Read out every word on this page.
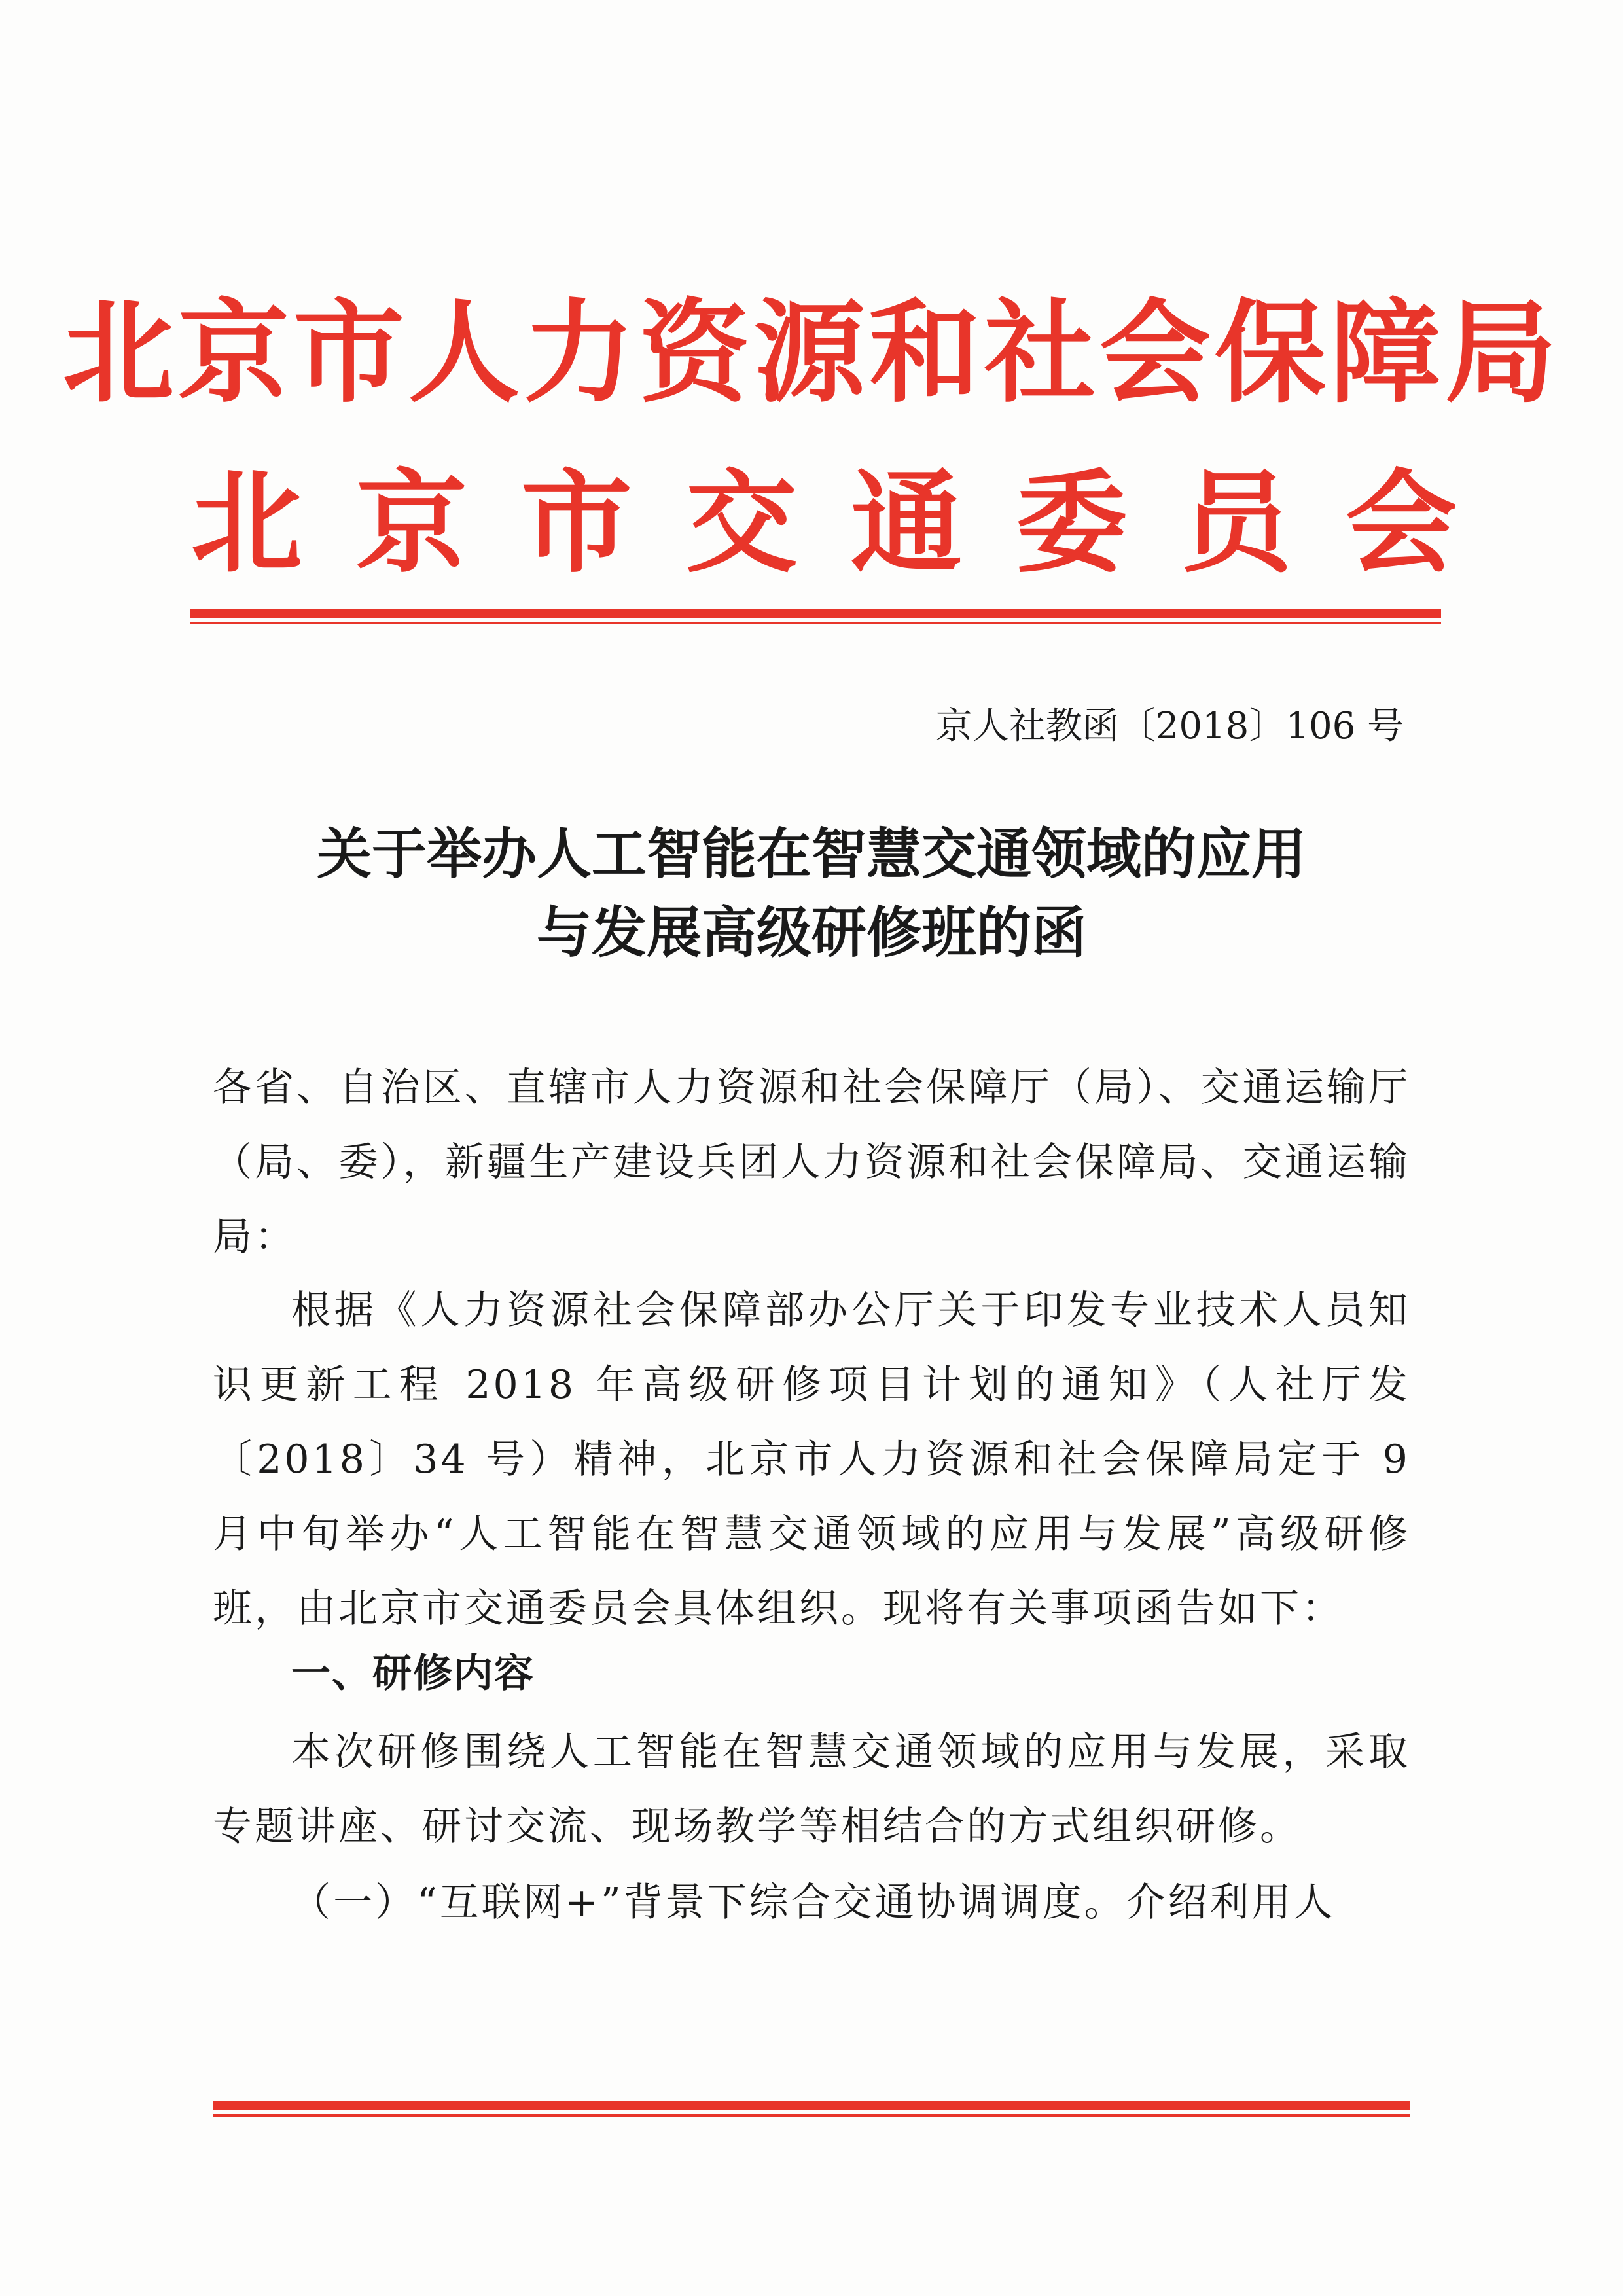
北京市人力资源和社会保障局
北京市交通委员会
京人社教函〔2018〕106 号
关于举办人工智能在智慧交通领域的应用
与发展高级研修班的函
各省、自治区、直辖市人力资源和社会保障厅（局）、交通运输厅（局、委），新疆生产建设兵团人力资源和社会保障局、交通运输局：
根据《人力资源社会保障部办公厅关于印发专业技术人员知识更新工程 2018 年高级研修项目计划的通知》（人社厅发〔2018〕34 号）精神，北京市人力资源和社会保障局定于 9 月中旬举办“人工智能在智慧交通领域的应用与发展”高级研修班，由北京市交通委员会具体组织。现将有关事项函告如下：
一、研修内容
本次研修围绕人工智能在智慧交通领域的应用与发展，采取专题讲座、研讨交流、现场教学等相结合的方式组织研修。
（一）“互联网+”背景下综合交通协调调度。介绍利用人
